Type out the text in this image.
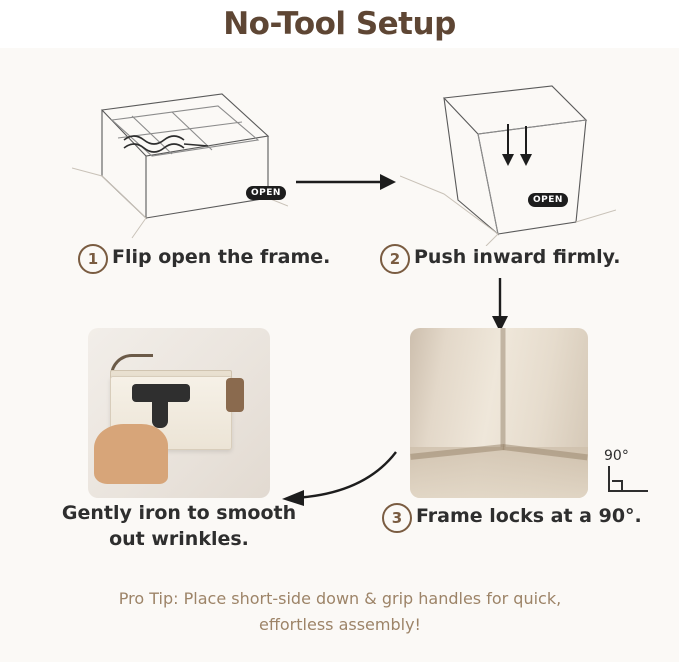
No-Tool Setup
OPEN
OPEN
1 Flip open the frame.	2 Push inward firmly.
90°
3 Frame locks at a 90°.
Gently iron to smooth
out wrinkles.
Pro Tip: Place short-side down & grip handles for quick,
effortless assembly!
